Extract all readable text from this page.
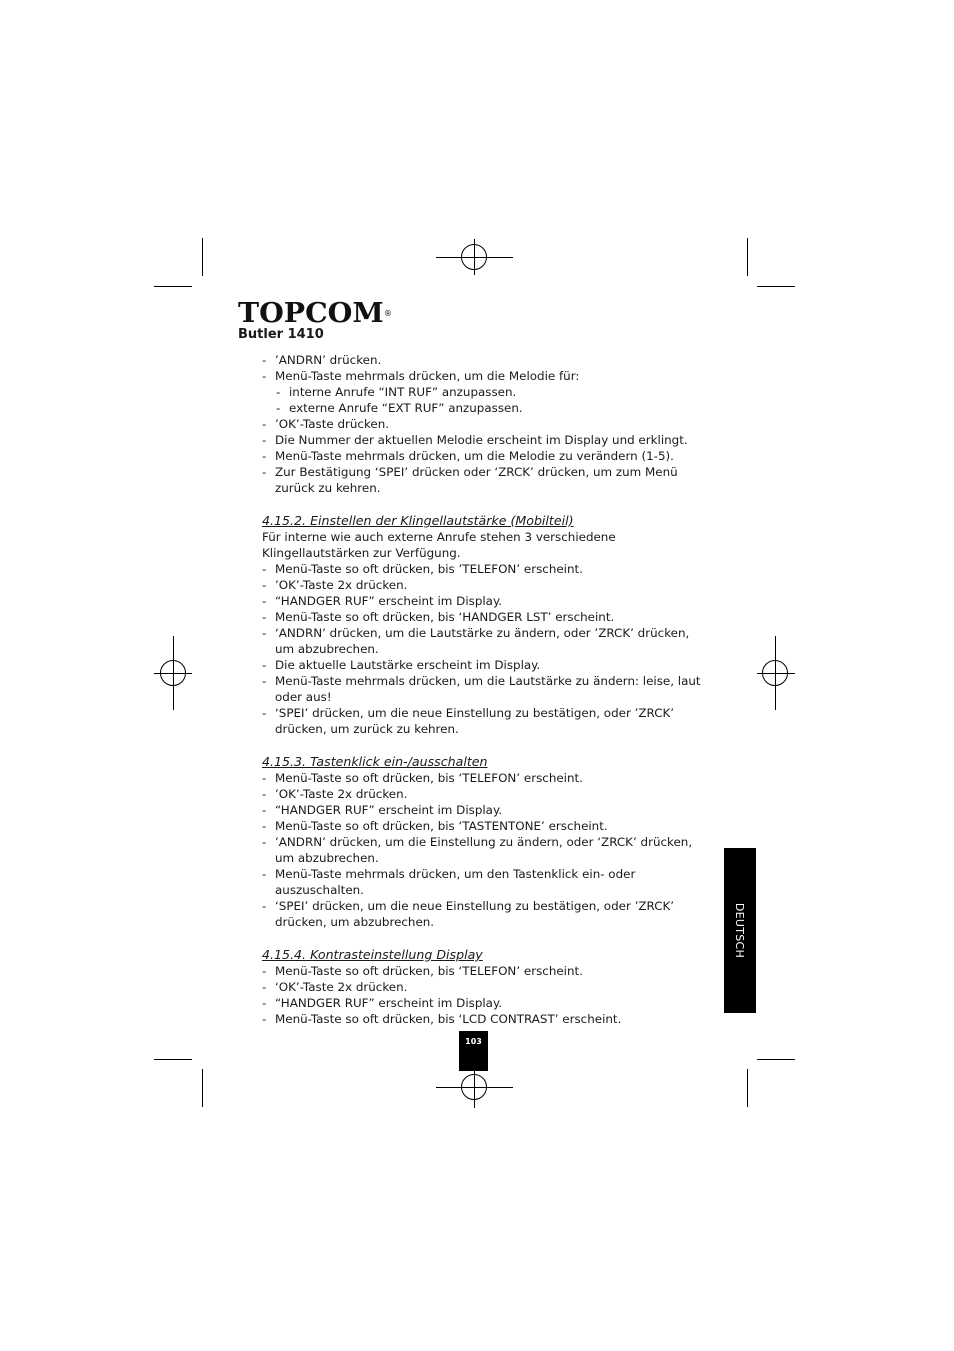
TOPCOM®
Butler 1410
- ’ANDRN’ drücken.
- Menü-Taste mehrmals drücken, um die Melodie für:
- interne Anrufe “INT RUF” anzupassen.
- externe Anrufe “EXT RUF” anzupassen.
- ’OK’-Taste drücken.
- Die Nummer der aktuellen Melodie erscheint im Display und erklingt.
- Menü-Taste mehrmals drücken, um die Melodie zu verändern (1-5).
- Zur Bestätigung ‘SPEI’ drücken oder ‘ZRCK’ drücken, um zum Menü zurück zu kehren.
4.15.2. Einstellen der Klingellautstärke (Mobilteil)
Für interne wie auch externe Anrufe stehen 3 verschiedene Klingellautstärken zur Verfügung.
- Menü-Taste so oft drücken, bis ’TELEFON’ erscheint.
- ’OK’-Taste 2x drücken.
- “HANDGER RUF” erscheint im Display.
- Menü-Taste so oft drücken, bis ‘HANDGER LST’ erscheint.
- ‘ANDRN’ drücken, um die Lautstärke zu ändern, oder ’ZRCK’ drücken, um abzubrechen.
- Die aktuelle Lautstärke erscheint im Display.
- Menü-Taste mehrmals drücken, um die Lautstärke zu ändern: leise, laut oder aus!
- ‘SPEI’ drücken, um die neue Einstellung zu bestätigen, oder ’ZRCK’ drücken, um zurück zu kehren.
4.15.3. Tastenklick ein-/ausschalten
- Menü-Taste so oft drücken, bis ‘TELEFON’ erscheint.
- ’OK’-Taste 2x drücken.
- “HANDGER RUF” erscheint im Display.
- Menü-Taste so oft drücken, bis ‘TASTENTONE’ erscheint.
- ’ANDRN’ drücken, um die Einstellung zu ändern, oder ‘ZRCK’ drücken, um abzubrechen.
- Menü-Taste mehrmals drücken, um den Tastenklick ein- oder auszuschalten.
- ‘SPEI’ drücken, um die neue Einstellung zu bestätigen, oder ’ZRCK’ drücken, um abzubrechen.
4.15.4. Kontrasteinstellung Display
- Menü-Taste so oft drücken, bis ‘TELEFON’ erscheint.
- ‘OK’-Taste 2x drücken.
- “HANDGER RUF” erscheint im Display.
- Menü-Taste so oft drücken, bis ‘LCD CONTRAST’ erscheint.
DEUTSCH
103
